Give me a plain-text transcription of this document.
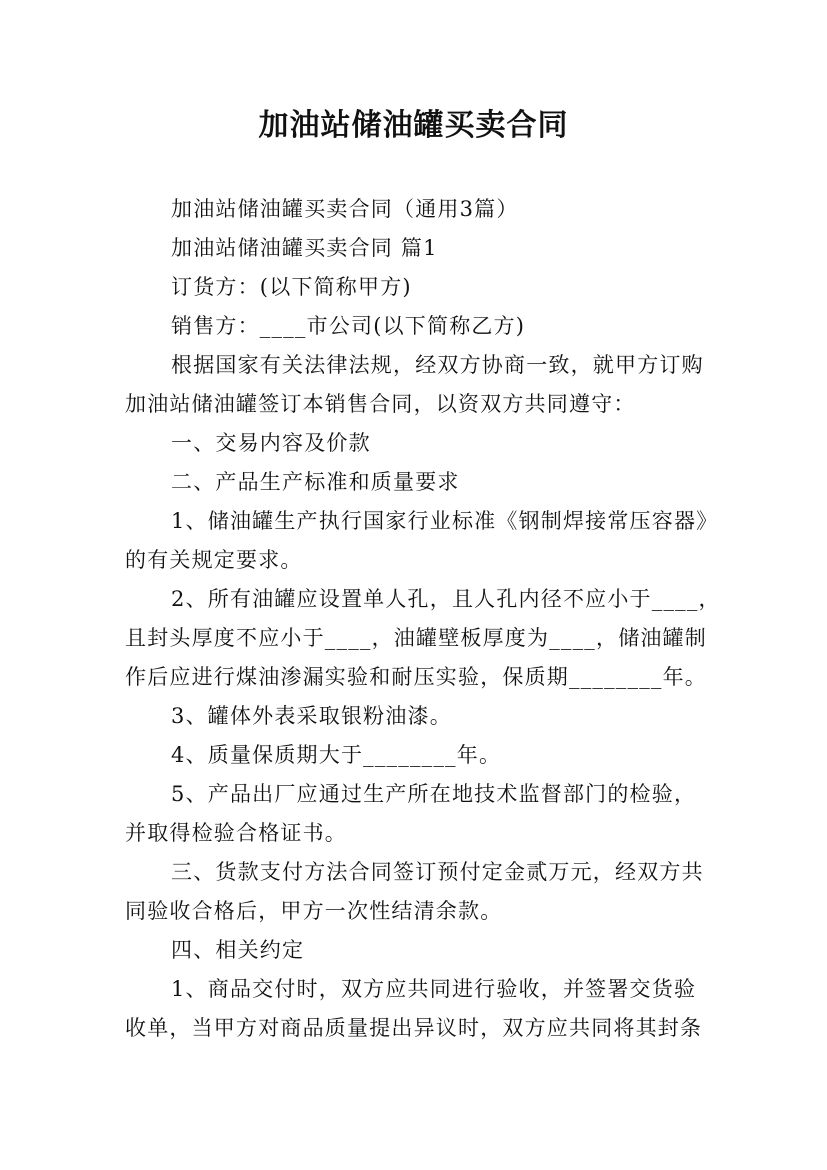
加油站储油罐买卖合同

加油站储油罐买卖合同（通用3篇）

加油站储油罐买卖合同 篇1

订货方：(以下简称甲方)

销售方：____市公司(以下简称乙方)

根据国家有关法律法规，经双方协商一致，就甲方订购

加油站储油罐签订本销售合同，以资双方共同遵守：

一、交易内容及价款

二、产品生产标准和质量要求

1、储油罐生产执行国家行业标准《钢制焊接常压容器》

的有关规定要求。

2、所有油罐应设置单人孔，且人孔内径不应小于____，

且封头厚度不应小于____，油罐壁板厚度为____，储油罐制

作后应进行煤油渗漏实验和耐压实验，保质期________年。

3、罐体外表采取银粉油漆。

4、质量保质期大于________年。

5、产品出厂应通过生产所在地技术监督部门的检验，

并取得检验合格证书。

三、货款支付方法合同签订预付定金贰万元，经双方共

同验收合格后，甲方一次性结清余款。

四、相关约定

1、商品交付时，双方应共同进行验收，并签署交货验

收单，当甲方对商品质量提出异议时，双方应共同将其封条
